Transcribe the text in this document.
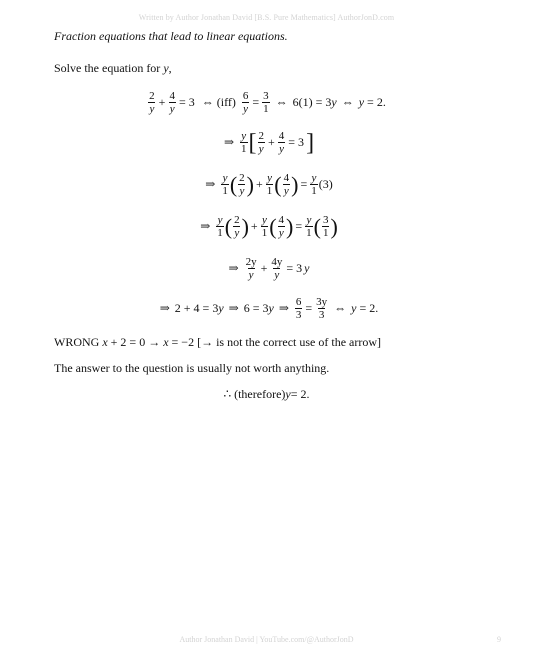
Written by Author Jonathan David [B.S. Pure Mathematics] AuthorJonD.com
Fraction equations that lead to linear equations.
Solve the equation for y,
$\frac{2}{y} + \frac{4}{y} = 3$ ⇔ $(iff) \frac{6}{y} = \frac{3}{1}$ ⇔ 6(1) = 3 y ⇔ y
= 2.
⇒ $\frac{y}{1}$ [ $\frac{2}{y} + \frac{4}{y} = 3$ ]
⇒ $\frac{y}{1}$ ( $\frac{2}{y}$ ) + $\frac{y}{1}$ ( $\frac{4}{y}$ ) = $\frac{y}{1} (3)$
⇒ $\frac{y}{1}$ ( $\frac{2}{y}$ ) + $\frac{y}{1}$ ( $\frac{4}{y}$ ) = $\frac{y}{1}$ ( $\frac{3}{1}$ )
⇒ $\frac{2y}{y} + \frac{4y}{y} = 3$ y
⇒ 2 + 4 = 3 y ⇒ 6 = 3 y ⇒ $\frac{6}{3} = \frac{3y}{3}$ ⇔ y
= 2.
WRONG x + 2 = 0 → x = −2 [→ is not the correct use of the arrow]
The answer to the question is usually not worth anything.
∴ (therefore) y = 2.
Author Jonathan David | YouTube.com/@AuthorJonD	9
